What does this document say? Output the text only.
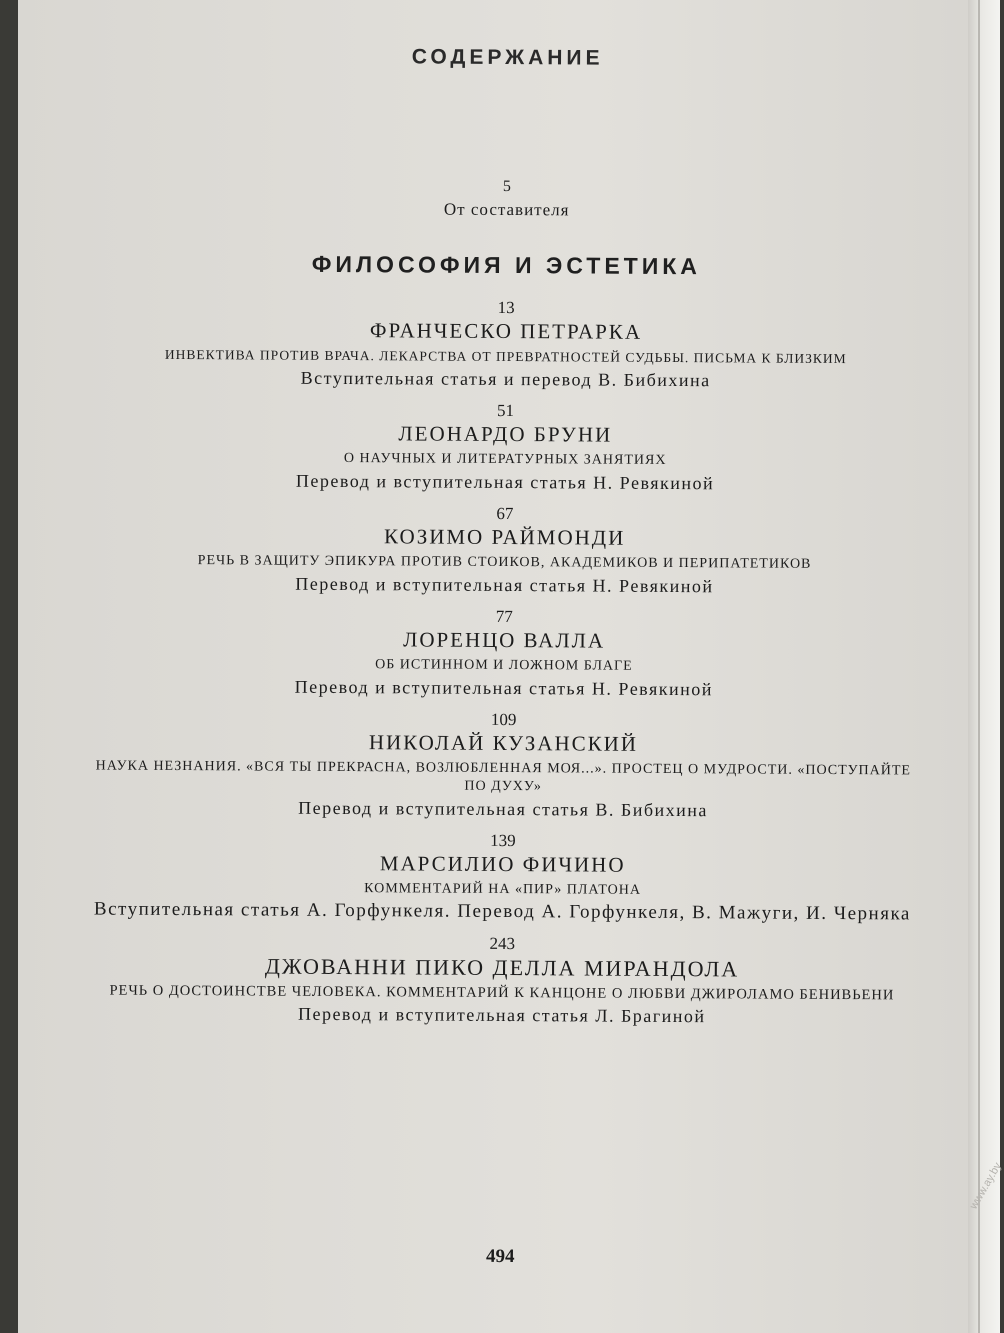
СОДЕРЖАНИЕ
5
От составителя
ФИЛОСОФИЯ И ЭСТЕТИКА
13
ФРАНЧЕСКО ПЕТРАРКА
ИНВЕКТИВА ПРОТИВ ВРАЧА. ЛЕКАРСТВА ОТ ПРЕВРАТНОСТЕЙ СУДЬБЫ. ПИСЬМА К БЛИЗКИМ
Вступительная статья и перевод В. Бибихина
51
ЛЕОНАРДО БРУНИ
О НАУЧНЫХ И ЛИТЕРАТУРНЫХ ЗАНЯТИЯХ
Перевод и вступительная статья Н. Ревякиной
67
КОЗИМО РАЙМОНДИ
РЕЧЬ В ЗАЩИТУ ЭПИКУРА ПРОТИВ СТОИКОВ, АКАДЕМИКОВ И ПЕРИПАТЕТИКОВ
Перевод и вступительная статья Н. Ревякиной
77
ЛОРЕНЦО ВАЛЛА
ОБ ИСТИННОМ И ЛОЖНОМ БЛАГЕ
Перевод и вступительная статья Н. Ревякиной
109
НИКОЛАЙ КУЗАНСКИЙ
НАУКА НЕЗНАНИЯ. «ВСЯ ТЫ ПРЕКРАСНА, ВОЗЛЮБЛЕННАЯ МОЯ...». ПРОСТЕЦ О МУДРОСТИ. «ПОСТУПАЙТЕ ПО ДУХУ»
Перевод и вступительная статья В. Бибихина
139
МАРСИЛИО ФИЧИНО
КОММЕНТАРИЙ НА «ПИР» ПЛАТОНА
Вступительная статья А. Горфункеля. Перевод А. Горфункеля, В. Мажуги, И. Черняка
243
ДЖОВАННИ ПИКО ДЕЛЛА МИРАНДОЛА
РЕЧЬ О ДОСТОИНСТВЕ ЧЕЛОВЕКА. КОММЕНТАРИЙ К КАНЦОНЕ О ЛЮБВИ ДЖИРОЛАМО БЕНИВЬЕНИ
Перевод и вступительная статья Л. Брагиной
494
www.ay.by
